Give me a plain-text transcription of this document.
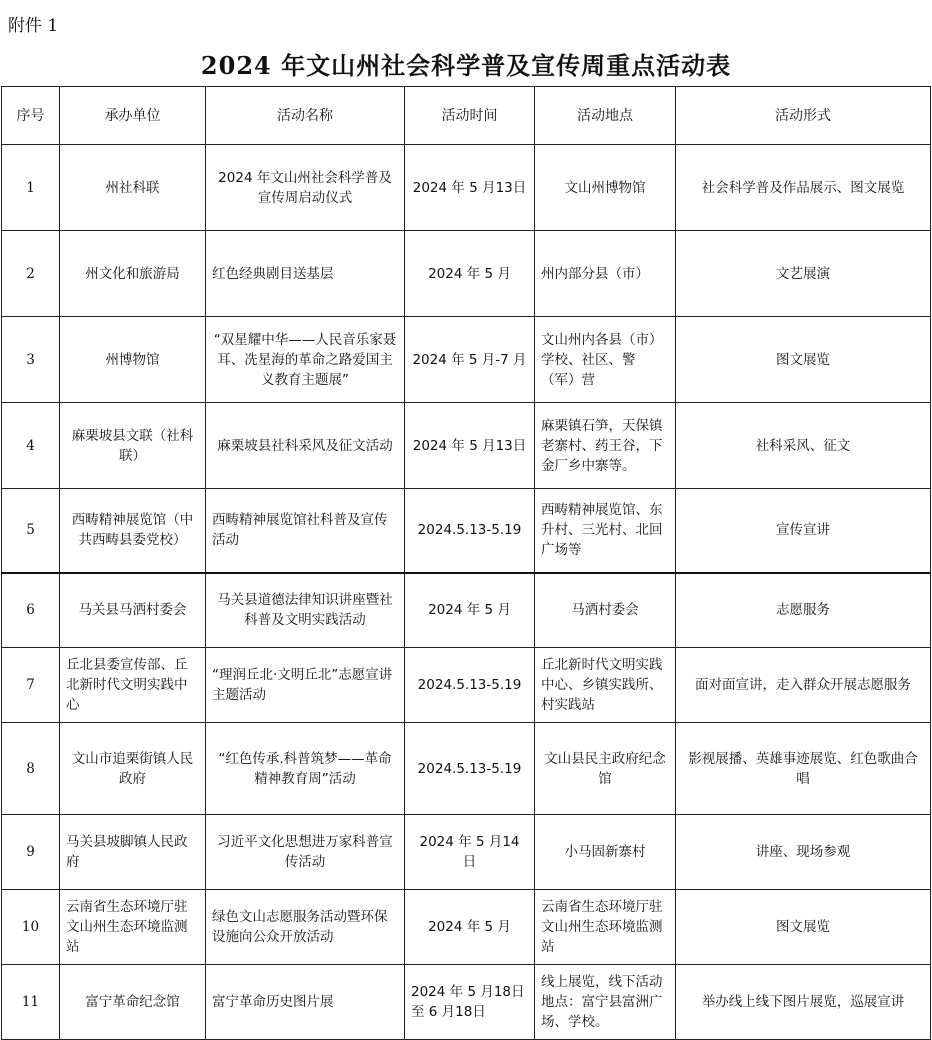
附件 1
2024 年文山州社会科学普及宣传周重点活动表
序号	承办单位	活动名称	活动时间	活动地点	活动形式
1	州社科联	2024 年文山州社会科学普及宣传周启动仪式	2024 年 5 月13日	文山州博物馆	社会科学普及作品展示、图文展览
2	州文化和旅游局	红色经典剧目送基层	2024 年 5 月	州内部分县（市）	文艺展演
3	州博物馆	“双星耀中华——人民音乐家聂耳、冼星海的革命之路爱国主义教育主题展”	2024 年 5 月-7 月	文山州内各县（市）学校、社区、警（军）营	图文展览
4	麻栗坡县文联（社科联）	麻栗坡县社科采风及征文活动	2024 年 5 月13日	麻栗镇石笋，天保镇老寨村、药王谷，下金厂乡中寨等。	社科采风、征文
5	西畴精神展览馆（中共西畴县委党校）	西畴精神展览馆社科普及宣传活动	2024.5.13-5.19	西畴精神展览馆、东升村、三光村、北回广场等	宣传宣讲
6	马关县马洒村委会	马关县道德法律知识讲座暨社科普及文明实践活动	2024 年 5 月	马洒村委会	志愿服务
7	丘北县委宣传部、丘北新时代文明实践中心	“理润丘北·文明丘北”志愿宣讲主题活动	2024.5.13-5.19	丘北新时代文明实践中心、乡镇实践所、村实践站	面对面宣讲，走入群众开展志愿服务
8	文山市追栗街镇人民政府	“红色传承.科普筑梦——革命精神教育周”活动	2024.5.13-5.19	文山县民主政府纪念馆	影视展播、英雄事迹展览、红色歌曲合唱
9	马关县坡脚镇人民政府	习近平文化思想进万家科普宣传活动	2024 年 5 月14 日	小马固新寨村	讲座、现场参观
10	云南省生态环境厅驻文山州生态环境监测站	绿色文山志愿服务活动暨环保设施向公众开放活动	2024 年 5 月	云南省生态环境厅驻文山州生态环境监测站	图文展览
11	富宁革命纪念馆	富宁革命历史图片展	2024 年 5 月18日至 6 月18日	线上展览，线下活动地点：富宁县富洲广场、学校。	举办线上线下图片展览，巡展宣讲
